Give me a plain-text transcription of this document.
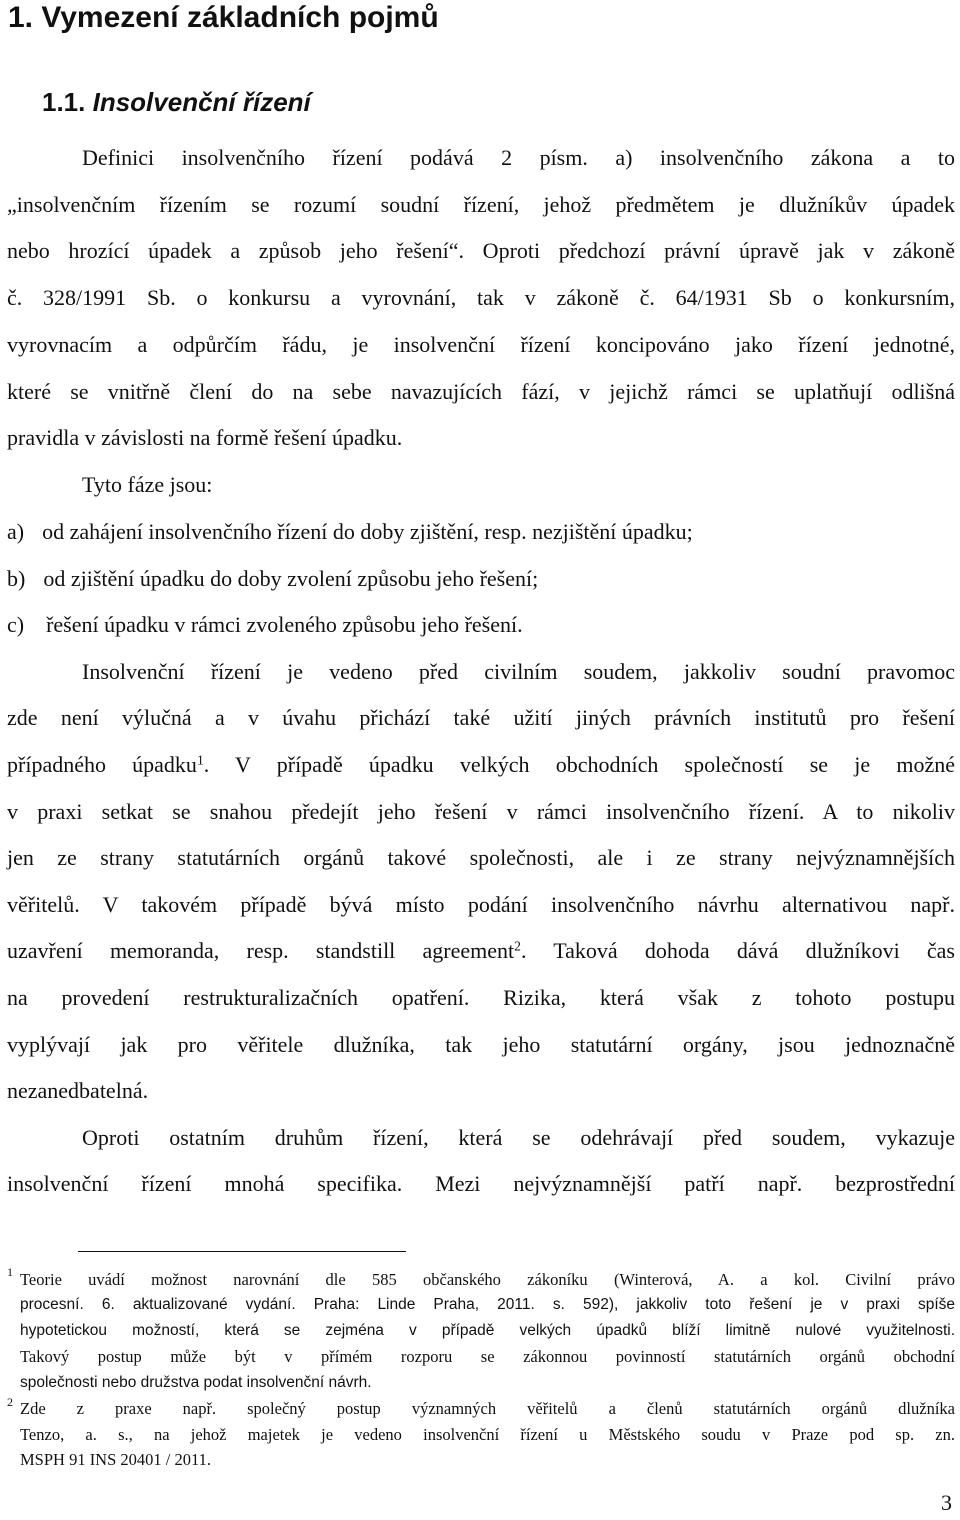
1. Vymezení základních pojmů
1.1. Insolvenční řízení
Definici insolvenčního řízení podává 2 písm. a) insolvenčního zákona a to
„insolvenčním řízením se rozumí soudní řízení, jehož předmětem je dlužníkův úpadek
nebo hrozící úpadek a způsob jeho řešení“. Oproti předchozí právní úpravě jak v zákoně
č. 328/1991 Sb. o konkursu a vyrovnání, tak v zákoně č. 64/1931 Sb o konkursním,
vyrovnacím a odpůrčím řádu, je insolvenční řízení koncipováno jako řízení jednotné,
které se vnitřně člení do na sebe navazujících fází, v jejichž rámci se uplatňují odlišná
pravidla v závislosti na formě řešení úpadku.
Tyto fáze jsou:
a) od zahájení insolvenčního řízení do doby zjištění, resp. nezjištění úpadku;
b) od zjištění úpadku do doby zvolení způsobu jeho řešení;
c) řešení úpadku v rámci zvoleného způsobu jeho řešení.
Insolvenční řízení je vedeno před civilním soudem, jakkoliv soudní pravomoc
zde není výlučná a v úvahu přichází také užití jiných právních institutů pro řešení
případného úpadku$^1$. V případě úpadku velkých obchodních společností se je možné
v praxi setkat se snahou předejít jeho řešení v rámci insolvenčního řízení. A to nikoliv
jen ze strany statutárních orgánů takové společnosti, ale i ze strany nejvýznamnějších
věřitelů. V takovém případě bývá místo podání insolvenčního návrhu alternativou např.
uzavření memoranda, resp. standstill agreement$^2$. Taková dohoda dává dlužníkovi čas
na provedení restrukturalizačních opatření. Rizika, která však z tohoto postupu
vyplývají jak pro věřitele dlužníka, tak jeho statutární orgány, jsou jednoznačně
nezanedbatelná.
Oproti ostatním druhům řízení, která se odehrávají před soudem, vykazuje
insolvenční řízení mnohá specifika. Mezi nejvýznamnější patří např. bezprostřední
1 Teorie uvádí možnost narovnání dle 585 občanského zákoníku (Winterová, A. a kol. Civilní právo
procesní. 6. aktualizované vydání. Praha: Linde Praha, 2011. s. 592), jakkoliv toto řešení je v praxi spíše
hypotetickou možností, která se zejména v případě velkých úpadků blíží limitně nulové využitelnosti.
Takový postup může být v přímém rozporu se zákonnou povinností statutárních orgánů obchodní
společnosti nebo družstva podat insolvenční návrh.
2 Zde z praxe např. společný postup významných věřitelů a členů statutárních orgánů dlužníka
Tenzo, a. s., na jehož majetek je vedeno insolvenční řízení u Městského soudu v Praze pod sp. zn.
MSPH 91 INS 20401 / 2011.
3
